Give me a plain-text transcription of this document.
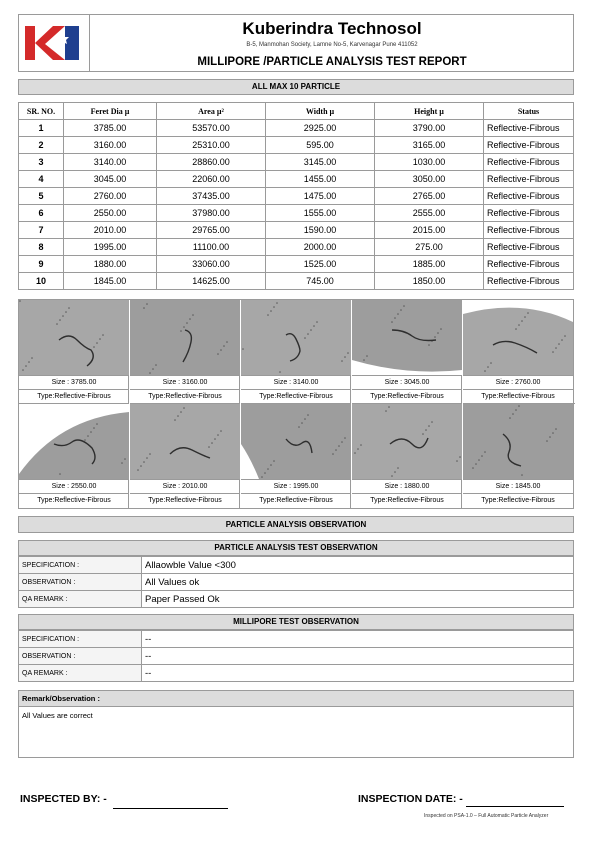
Kuberindra Technosol
B-5, Manmohan Society, Lamne No-5, Karvenagar Pune 411052
MILLIPORE /PARTICLE ANALYSIS TEST REPORT
ALL MAX 10 PARTICLE
SR. NO.	Feret Dia µ	Area µ²	Width µ	Height µ	Status
1	3785.00	53570.00	2925.00	3790.00	Reflective-Fibrous
2	3160.00	25310.00	595.00	3165.00	Reflective-Fibrous
3	3140.00	28860.00	3145.00	1030.00	Reflective-Fibrous
4	3045.00	22060.00	1455.00	3050.00	Reflective-Fibrous
5	2760.00	37435.00	1475.00	2765.00	Reflective-Fibrous
6	2550.00	37980.00	1555.00	2555.00	Reflective-Fibrous
7	2010.00	29765.00	1590.00	2015.00	Reflective-Fibrous
8	1995.00	11100.00	2000.00	275.00	Reflective-Fibrous
9	1880.00	33060.00	1525.00	1885.00	Reflective-Fibrous
10	1845.00	14625.00	745.00	1850.00	Reflective-Fibrous
Size : 3785.00
Type:Reflective-Fibrous
Size : 3160.00
Type:Reflective-Fibrous
Size : 3140.00
Type:Reflective-Fibrous
Size : 3045.00
Type:Reflective-Fibrous
Size : 2760.00
Type:Reflective-Fibrous
Size : 2550.00
Type:Reflective-Fibrous
Size : 2010.00
Type:Reflective-Fibrous
Size : 1995.00
Type:Reflective-Fibrous
Size : 1880.00
Type:Reflective-Fibrous
Size : 1845.00
Type:Reflective-Fibrous
PARTICLE ANALYSIS OBSERVATION
PARTICLE ANALYSIS TEST OBSERVATION
SPECIFICATION :	Allaowble Value <300
OBSERVATION :	All Values ok
QA REMARK :	Paper Passed Ok
MILLIPORE TEST OBSERVATION
SPECIFICATION :	--
OBSERVATION :	--
QA REMARK :	--
Remark/Observation :
All Values are correct
INSPECTED BY: -	INSPECTION DATE: -
Inspected on PSA-1.0 – Full Automatic Particle Analyzer
